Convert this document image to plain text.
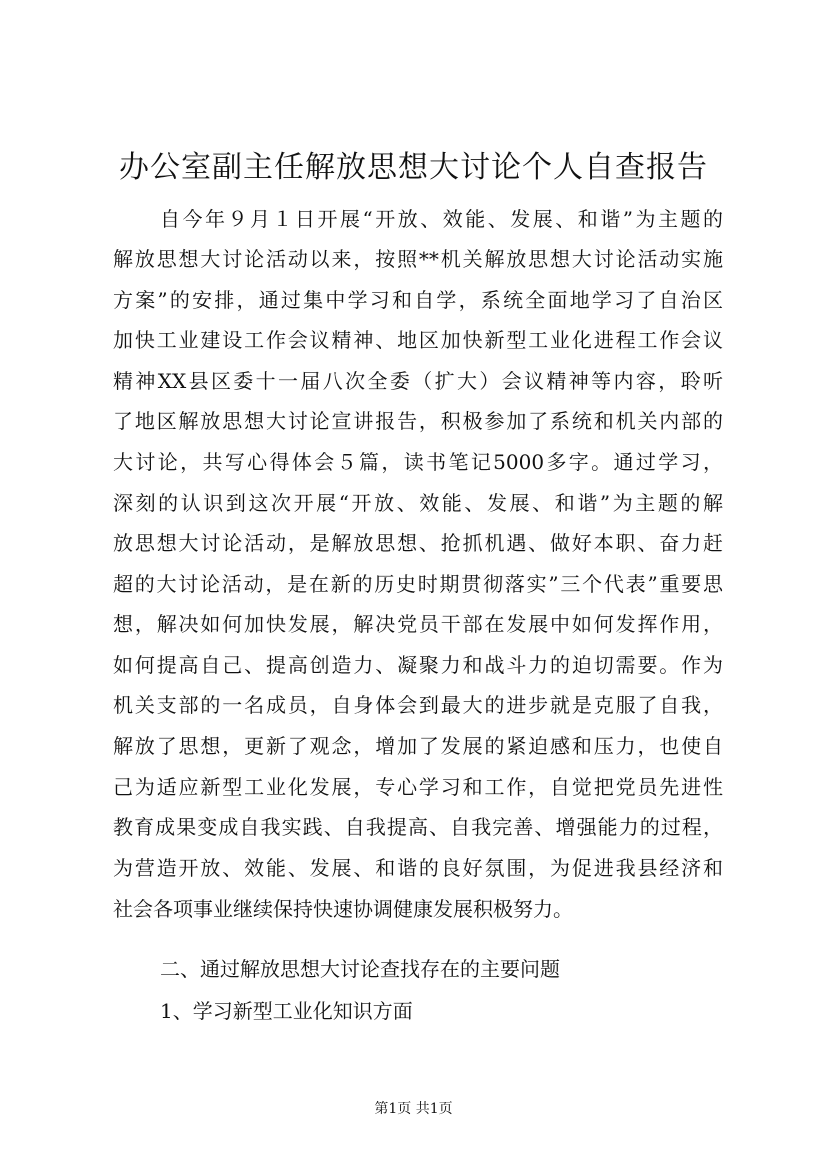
办公室副主任解放思想大讨论个人自查报告
自今年９月１日开展“开放、效能、发展、和谐”为主题的
解放思想大讨论活动以来，按照**机关解放思想大讨论活动实施
方案”的安排，通过集中学习和自学，系统全面地学习了自治区
加快工业建设工作会议精神、地区加快新型工业化进程工作会议
精神XX县区委十一届八次全委（扩大）会议精神等内容，聆听
了地区解放思想大讨论宣讲报告，积极参加了系统和机关内部的
大讨论，共写心得体会５篇，读书笔记5000多字。通过学习，
深刻的认识到这次开展“开放、效能、发展、和谐”为主题的解
放思想大讨论活动，是解放思想、抢抓机遇、做好本职、奋力赶
超的大讨论活动，是在新的历史时期贯彻落实”三个代表”重要思
想，解决如何加快发展，解决党员干部在发展中如何发挥作用，
如何提高自己、提高创造力、凝聚力和战斗力的迫切需要。作为
机关支部的一名成员，自身体会到最大的进步就是克服了自我，
解放了思想，更新了观念，增加了发展的紧迫感和压力，也使自
己为适应新型工业化发展，专心学习和工作，自觉把党员先进性
教育成果变成自我实践、自我提高、自我完善、增强能力的过程，
为营造开放、效能、发展、和谐的良好氛围，为促进我县经济和
社会各项事业继续保持快速协调健康发展积极努力。
二、通过解放思想大讨论查找存在的主要问题
1、学习新型工业化知识方面
第1页 共1页
